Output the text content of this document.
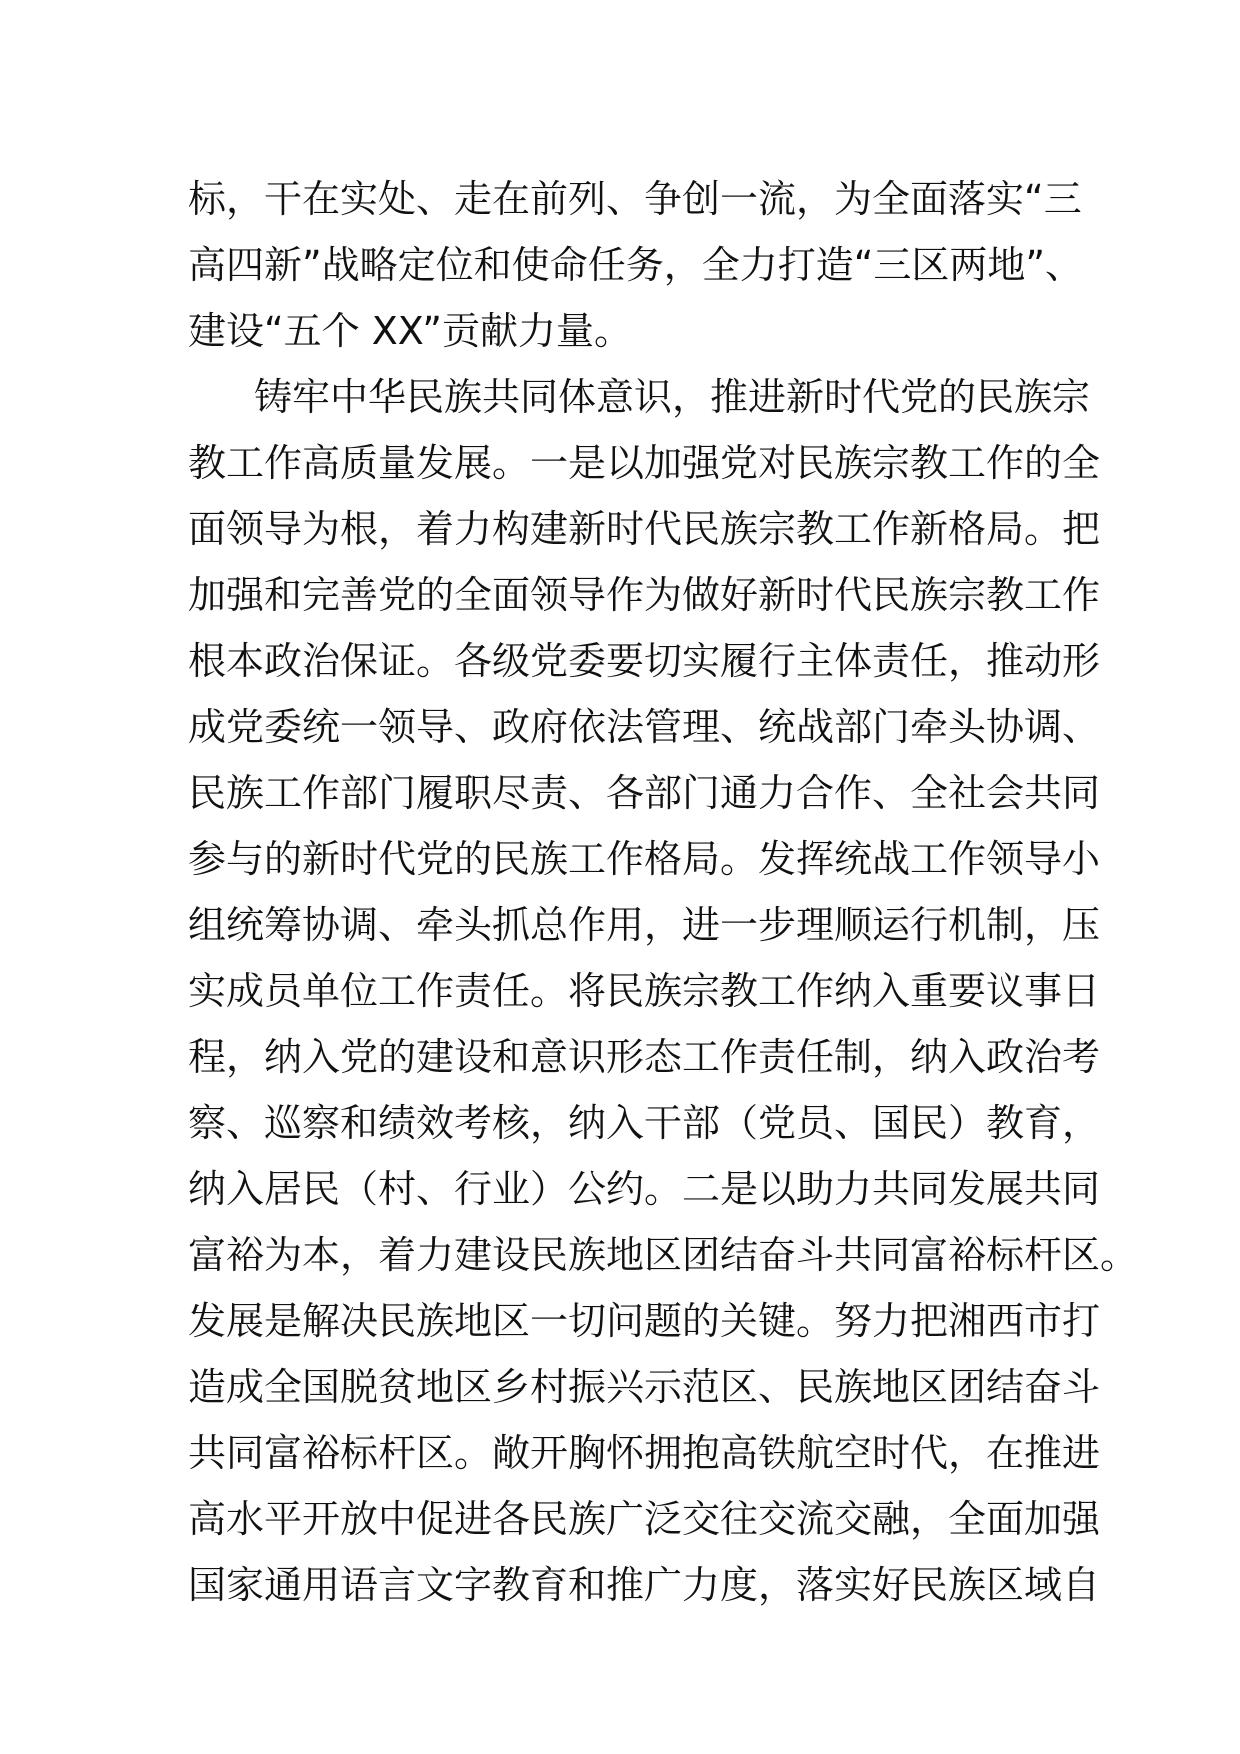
标，干在实处、走在前列、争创一流，为全面落实“三
高四新”战略定位和使命任务，全力打造“三区两地”、
建设“五个 XX”贡献力量。
铸牢中华民族共同体意识，推进新时代党的民族宗
教工作高质量发展。一是以加强党对民族宗教工作的全
面领导为根，着力构建新时代民族宗教工作新格局。把
加强和完善党的全面领导作为做好新时代民族宗教工作
根本政治保证。各级党委要切实履行主体责任，推动形
成党委统一领导、政府依法管理、统战部门牵头协调、
民族工作部门履职尽责、各部门通力合作、全社会共同
参与的新时代党的民族工作格局。发挥统战工作领导小
组统筹协调、牵头抓总作用，进一步理顺运行机制，压
实成员单位工作责任。将民族宗教工作纳入重要议事日
程，纳入党的建设和意识形态工作责任制，纳入政治考
察、巡察和绩效考核，纳入干部（党员、国民）教育，
纳入居民（村、行业）公约。二是以助力共同发展共同
富裕为本，着力建设民族地区团结奋斗共同富裕标杆区。
发展是解决民族地区一切问题的关键。努力把湘西市打
造成全国脱贫地区乡村振兴示范区、民族地区团结奋斗
共同富裕标杆区。敞开胸怀拥抱高铁航空时代，在推进
高水平开放中促进各民族广泛交往交流交融，全面加强
国家通用语言文字教育和推广力度，落实好民族区域自
